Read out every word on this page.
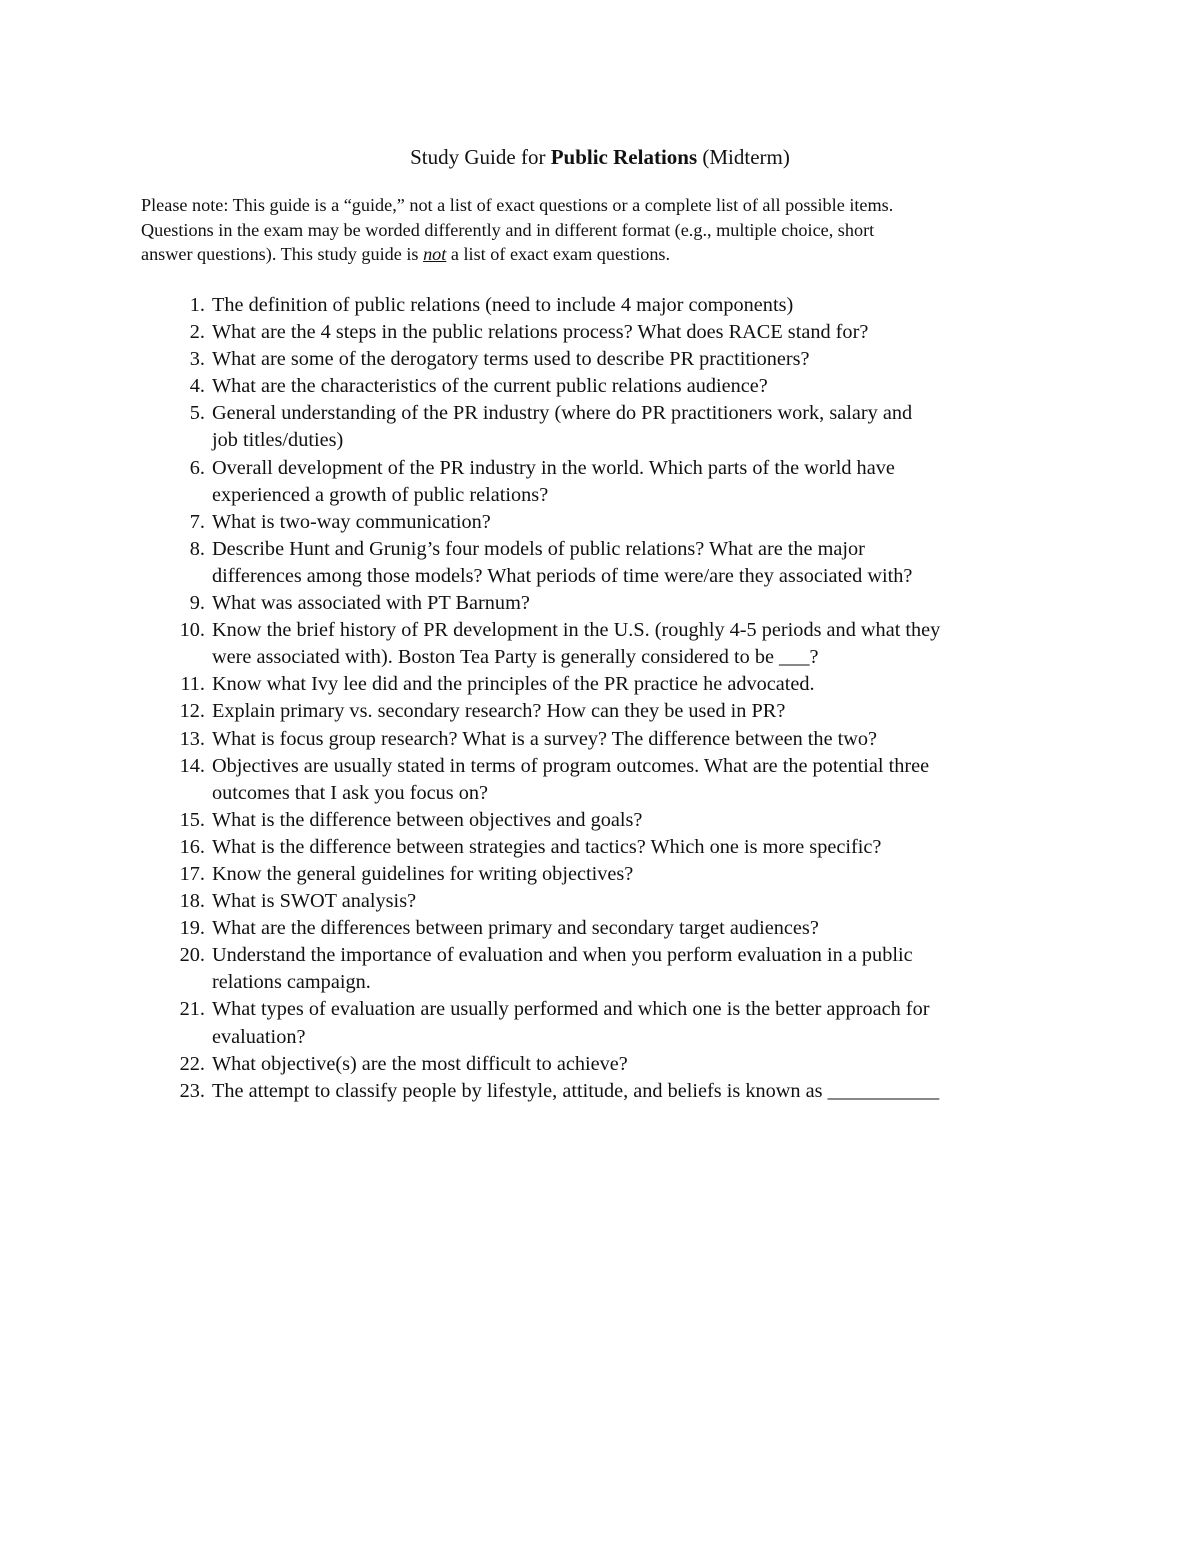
Study Guide for Public Relations (Midterm)
Please note: This guide is a “guide,” not a list of exact questions or a complete list of all possible items.
Questions in the exam may be worded differently and in different format (e.g., multiple choice, short
answer questions). This study guide is not a list of exact exam questions.
1. The definition of public relations (need to include 4 major components)
2. What are the 4 steps in the public relations process? What does RACE stand for?
3. What are some of the derogatory terms used to describe PR practitioners?
4. What are the characteristics of the current public relations audience?
5. General understanding of the PR industry (where do PR practitioners work, salary and
job titles/duties)
6. Overall development of the PR industry in the world. Which parts of the world have
experienced a growth of public relations?
7. What is two-way communication?
8. Describe Hunt and Grunig’s four models of public relations? What are the major
differences among those models? What periods of time were/are they associated with?
9. What was associated with PT Barnum?
10. Know the brief history of PR development in the U.S. (roughly 4-5 periods and what they
were associated with). Boston Tea Party is generally considered to be ___?
11. Know what Ivy lee did and the principles of the PR practice he advocated.
12. Explain primary vs. secondary research? How can they be used in PR?
13. What is focus group research? What is a survey? The difference between the two?
14. Objectives are usually stated in terms of program outcomes. What are the potential three
outcomes that I ask you focus on?
15. What is the difference between objectives and goals?
16. What is the difference between strategies and tactics? Which one is more specific?
17. Know the general guidelines for writing objectives?
18. What is SWOT analysis?
19. What are the differences between primary and secondary target audiences?
20. Understand the importance of evaluation and when you perform evaluation in a public
relations campaign.
21. What types of evaluation are usually performed and which one is the better approach for
evaluation?
22. What objective(s) are the most difficult to achieve?
23. The attempt to classify people by lifestyle, attitude, and beliefs is known as ___________
